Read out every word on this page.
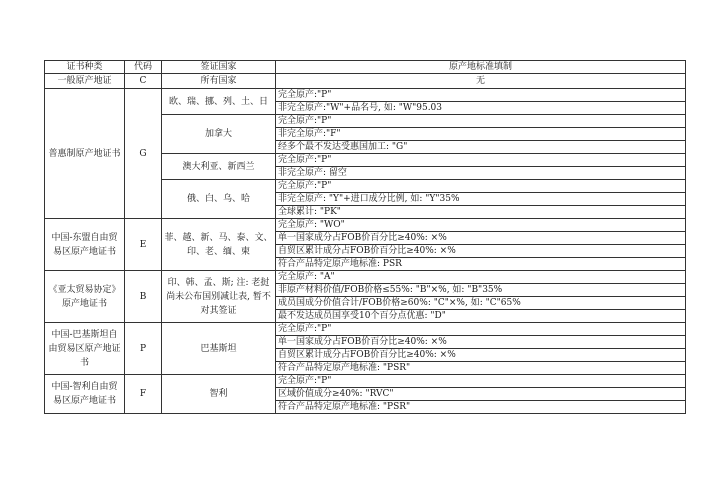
证书种类	代码	签证国家	原产地标准填制
一般原产地证	C	所有国家	无
普惠制原产地证书	G	欧、瑞、挪、列、土、日	完全原产:"P"
			非完全原产:"W"+品名号, 如: "W"95.03
		加拿大	完全原产:"P"
			非完全原产:"F"
			经多个最不发达受惠国加工: "G"
		澳大利亚、新西兰	完全原产:"P"
			非完全原产: 留空
		俄、白、乌、哈	完全原产:"P"
			非完全原产: "Y"+进口成分比例, 如: "Y"35%
			全球累计: "PK"
中国-东盟自由贸易区原产地证书	E	菲、越、新、马、泰、文、印、老、缅、柬	完全原产: "WO"
			单一国家成分占FOB价百分比≥40%: ×%
			自贸区累计成分占FOB价百分比≥40%: ×%
			符合产品特定原产地标准: PSR
《亚太贸易协定》原产地证书	B	印、韩、孟、斯; 注: 老挝尚未公布国别减让表, 暂不对其签证	完全原产: "A"
			非原产材料价值/FOB价格≤55%: "B"×%, 如: "B"35%
			成员国成分价值合计/FOB价格≥60%: "C"×%, 如: "C"65%
			最不发达成员国享受10个百分点优惠: "D"
中国-巴基斯坦自由贸易区原产地证书	P	巴基斯坦	完全原产:"P"
			单一国家成分占FOB价百分比≥40%: ×%
			自贸区累计成分占FOB价百分比≥40%: ×%
			符合产品特定原产地标准: "PSR"
中国-智利自由贸易区原产地证书	F	智利	完全原产:"P"
			区域价值成分≥40%: "RVC"
			符合产品特定原产地标准: "PSR"
